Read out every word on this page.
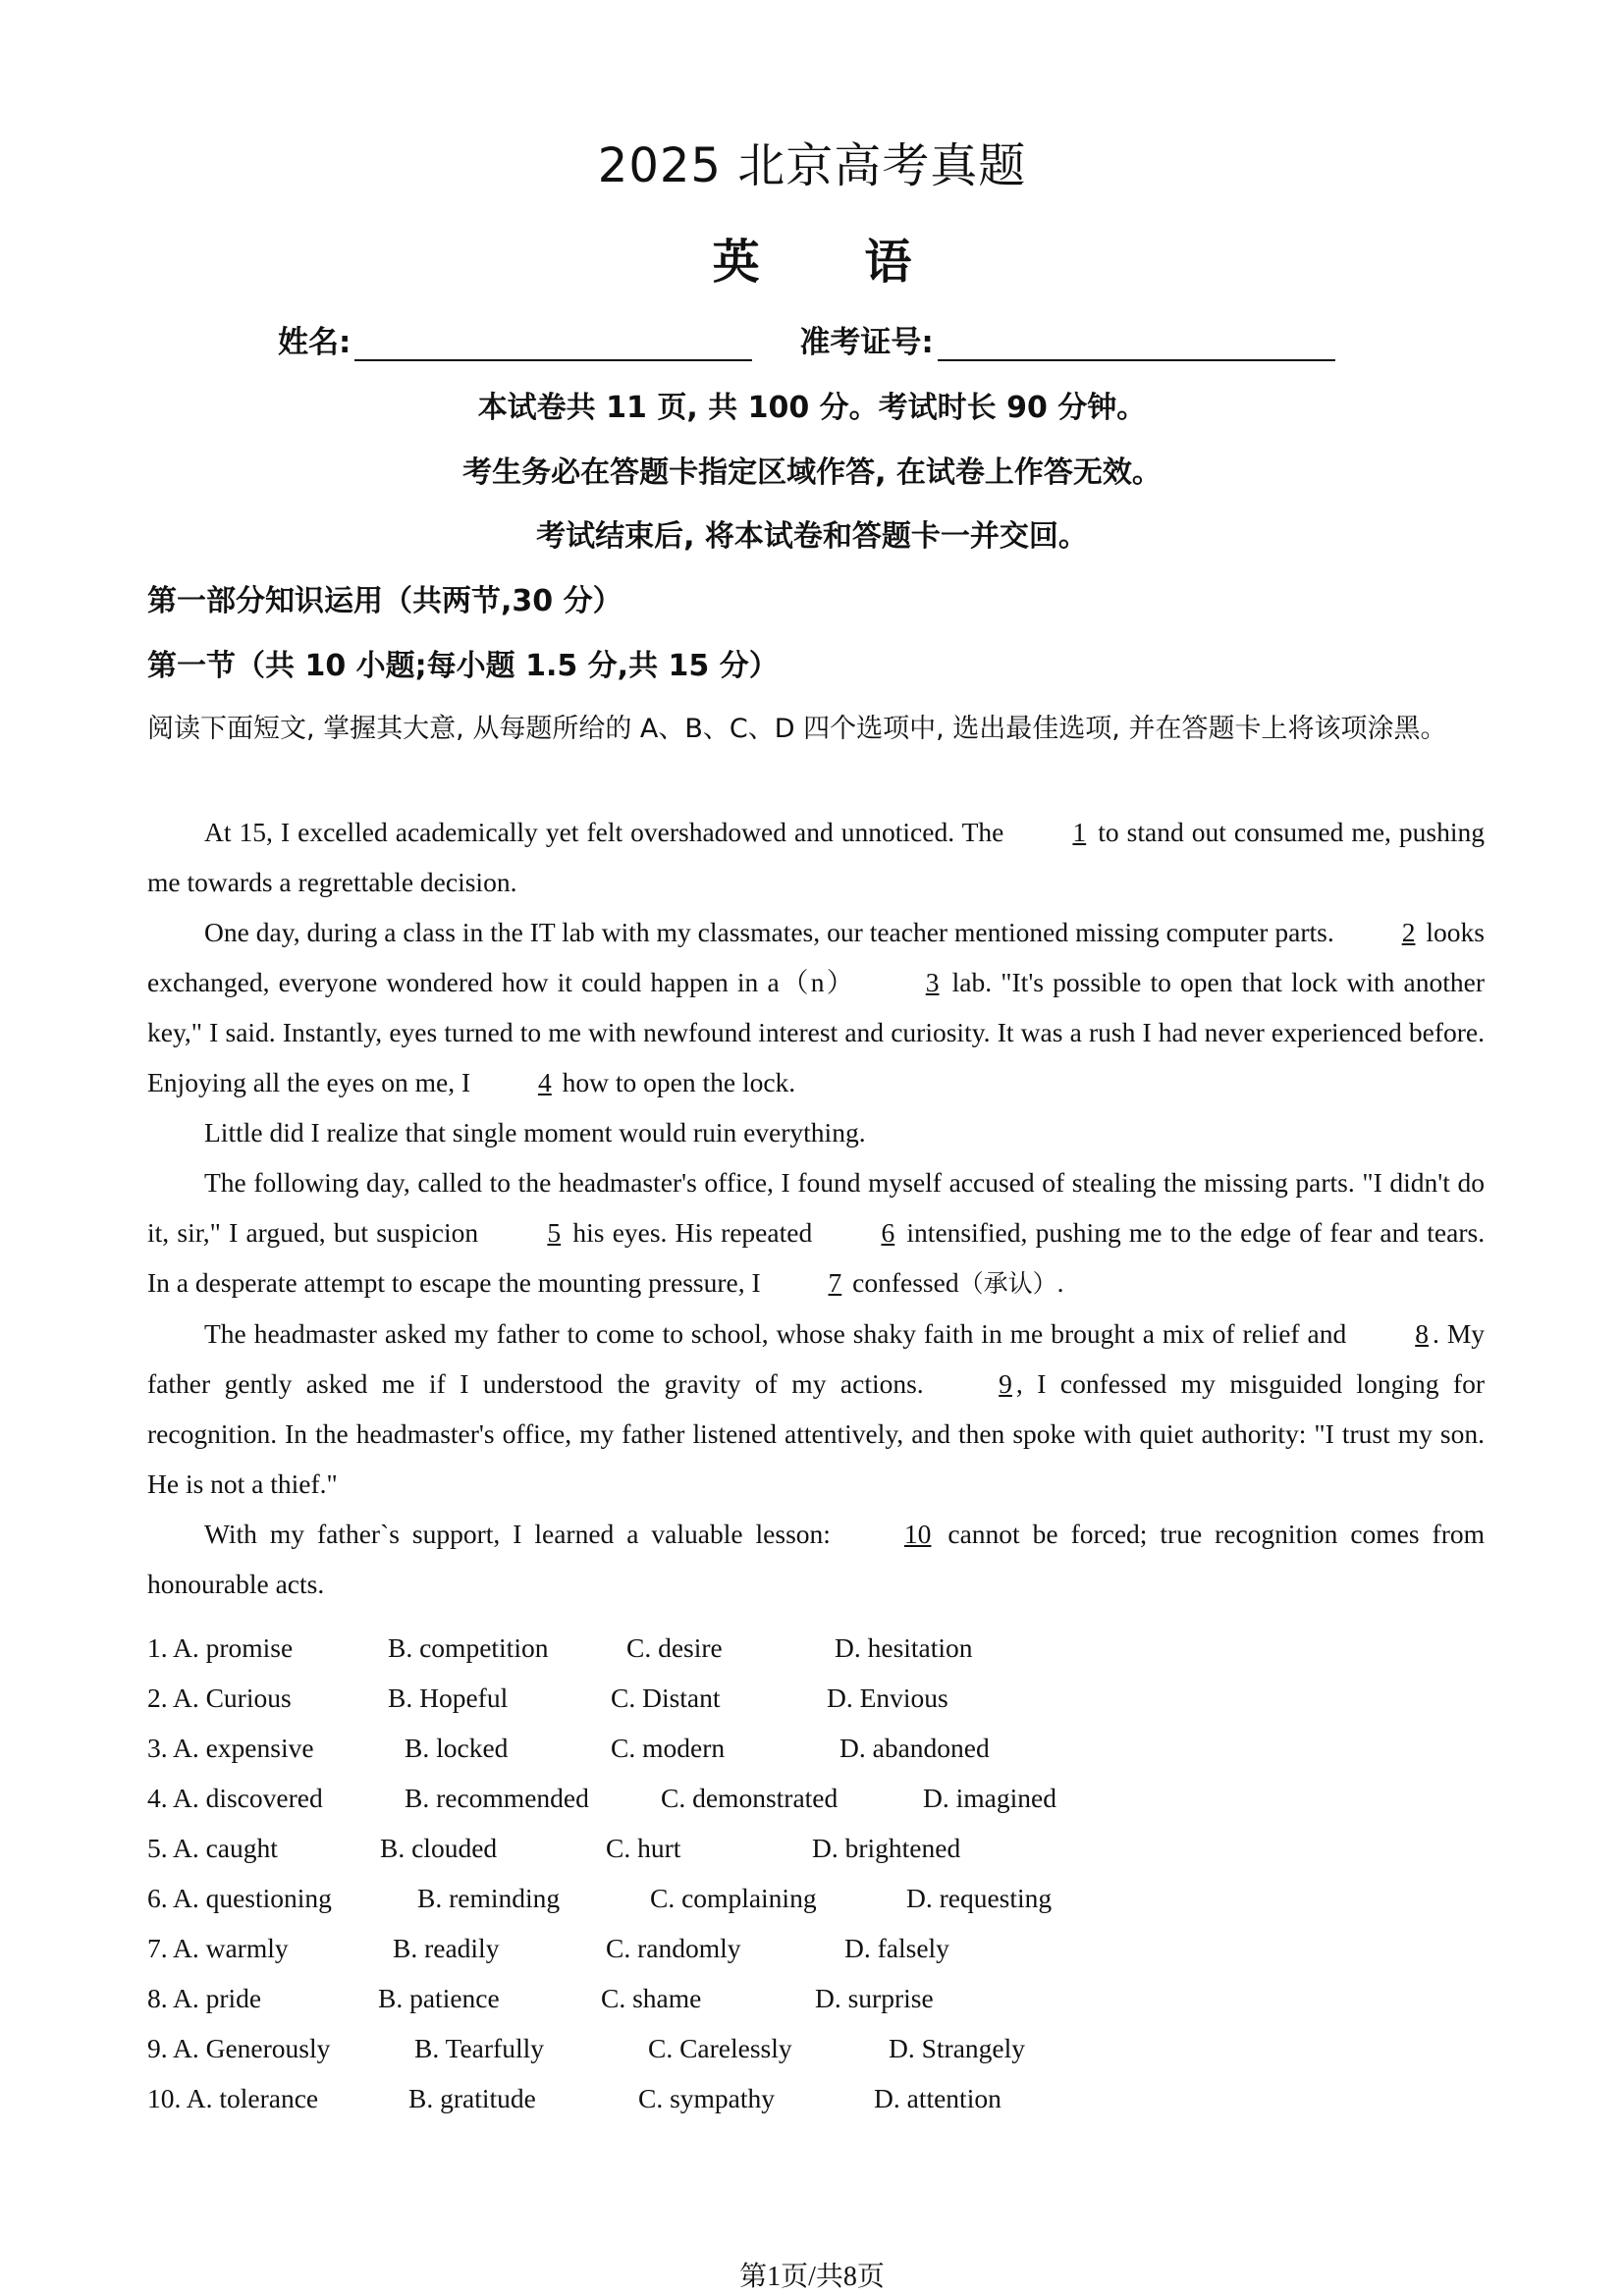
2025 北京高考真题
英 语
姓名:	准考证号:
本试卷共 11 页, 共 100 分。考试时长 90 分钟。
考生务必在答题卡指定区域作答, 在试卷上作答无效。
考试结束后, 将本试卷和答题卡一并交回。
第一部分知识运用（共两节,30 分）
第一节（共 10 小题;每小题 1.5 分,共 15 分）
阅读下面短文, 掌握其大意, 从每题所给的 A、B、C、D 四个选项中, 选出最佳选项, 并在答题卡上将该项涂黑。

At 15, I excelled academically yet felt overshadowed and unnoticed. The	1 to stand out consumed me, pushing me towards a regrettable decision.

One day, during a class in the IT lab with my classmates, our teacher mentioned missing computer parts.	2 looks exchanged, everyone wondered how it could happen in a（n）	3 lab. "It's possible to open that lock with another key," I said. Instantly, eyes turned to me with newfound interest and curiosity. It was a rush I had never experienced before. Enjoying all the eyes on me, I	4 how to open the lock.

Little did I realize that single moment would ruin everything.

The following day, called to the headmaster's office, I found myself accused of stealing the missing parts. "I didn't do it, sir," I argued, but suspicion	5 his eyes. His repeated	6 intensified, pushing me to the edge of fear and tears. In a desperate attempt to escape the mounting pressure, I	7 confessed（承认）.

The headmaster asked my father to come to school, whose shaky faith in me brought a mix of relief and	8 . My father gently asked me if I understood the gravity of my actions.	9 , I confessed my misguided longing for recognition. In the headmaster's office, my father listened attentively, and then spoke with quiet authority: "I trust my son. He is not a thief."

With my father`s support, I learned a valuable lesson:	10 cannot be forced; true recognition comes from honourable acts.

1. A. promise	B. competition	C. desire	D. hesitation
2. A. Curious	B. Hopeful	C. Distant	D. Envious
3. A. expensive	B. locked	C. modern	D. abandoned
4. A. discovered	B. recommended	C. demonstrated	D. imagined
5. A. caught	B. clouded	C. hurt	D. brightened
6. A. questioning	B. reminding	C. complaining	D. requesting
7. A. warmly	B. readily	C. randomly	D. falsely
8. A. pride	B. patience	C. shame	D. surprise
9. A. Generously	B. Tearfully	C. Carelessly	D. Strangely
10. A. tolerance	B. gratitude	C. sympathy	D. attention
第1页/共8页
